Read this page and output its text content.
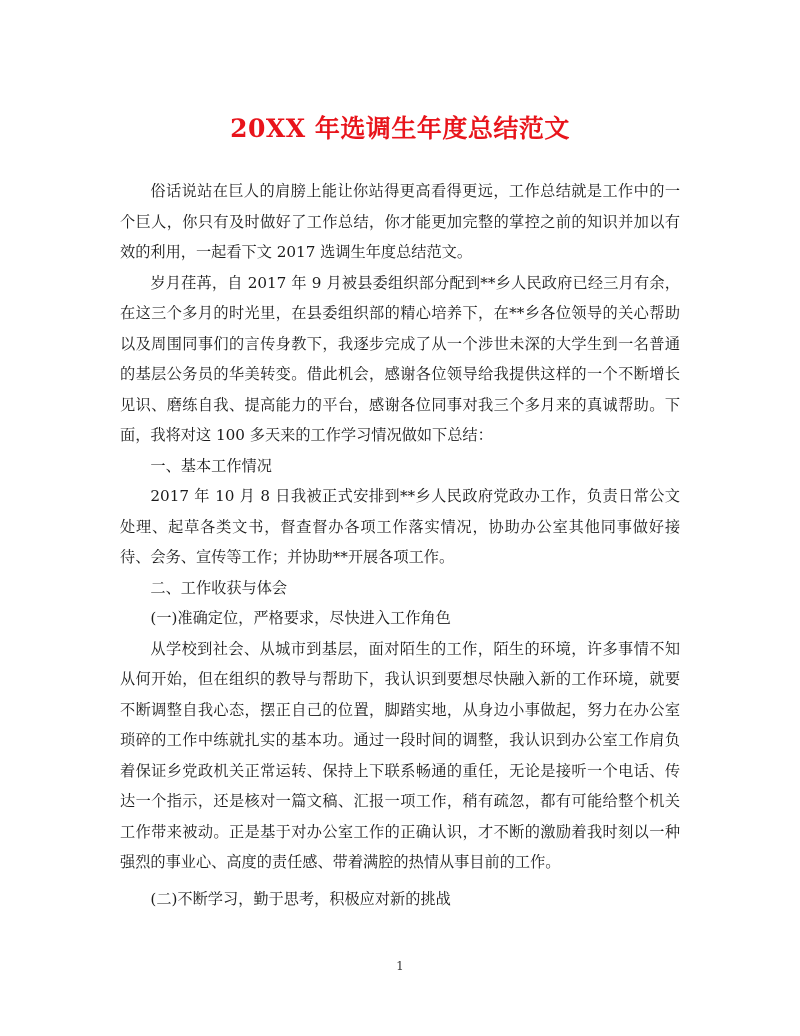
20XX 年选调生年度总结范文

俗话说站在巨人的肩膀上能让你站得更高看得更远，工作总结就是工作中的一个巨人，你只有及时做好了工作总结，你才能更加完整的掌控之前的知识并加以有效的利用，一起看下文 2017 选调生年度总结范文。

岁月荏苒，自 2017 年 9 月被县委组织部分配到**乡人民政府已经三月有余，在这三个多月的时光里，在县委组织部的精心培养下，在**乡各位领导的关心帮助以及周围同事们的言传身教下，我逐步完成了从一个涉世未深的大学生到一名普通的基层公务员的华美转变。借此机会，感谢各位领导给我提供这样的一个不断增长见识、磨练自我、提高能力的平台，感谢各位同事对我三个多月来的真诚帮助。下面，我将对这 100 多天来的工作学习情况做如下总结：

一、基本工作情况

2017 年 10 月 8 日我被正式安排到**乡人民政府党政办工作，负责日常公文处理、起草各类文书，督查督办各项工作落实情况，协助办公室其他同事做好接待、会务、宣传等工作；并协助**开展各项工作。

二、工作收获与体会

(一)准确定位，严格要求，尽快进入工作角色

从学校到社会、从城市到基层，面对陌生的工作，陌生的环境，许多事情不知从何开始，但在组织的教导与帮助下，我认识到要想尽快融入新的工作环境，就要不断调整自我心态，摆正自己的位置，脚踏实地，从身边小事做起，努力在办公室琐碎的工作中练就扎实的基本功。通过一段时间的调整，我认识到办公室工作肩负着保证乡党政机关正常运转、保持上下联系畅通的重任，无论是接听一个电话、传达一个指示，还是核对一篇文稿、汇报一项工作，稍有疏忽，都有可能给整个机关工作带来被动。正是基于对办公室工作的正确认识，才不断的激励着我时刻以一种强烈的事业心、高度的责任感、带着满腔的热情从事目前的工作。

(二)不断学习，勤于思考，积极应对新的挑战

1
